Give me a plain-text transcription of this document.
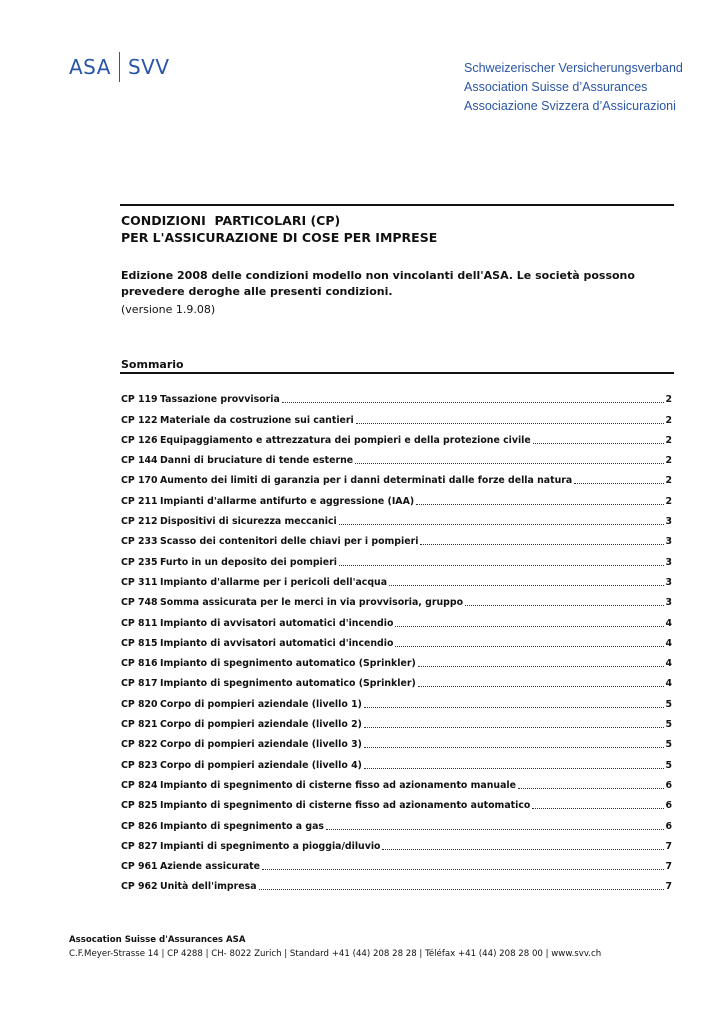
ASA SVV	Schweizerischer Versicherungsverband
Association Suisse d’Assurances
Associazione Svizzera d’Assicurazioni
CONDIZIONI  PARTICOLARI (CP)
PER L'ASSICURAZIONE DI COSE PER IMPRESE
Edizione 2008 delle condizioni modello non vincolanti dell'ASA. Le società possono prevedere deroghe alle presenti condizioni.
(versione 1.9.08)
Sommario
CP 119 Tassazione provvisoria	2
CP 122 Materiale da costruzione sui cantieri	2
CP 126 Equipaggiamento e attrezzatura dei pompieri e della protezione civile	2
CP 144 Danni di bruciature di tende esterne	2
CP 170 Aumento dei limiti di garanzia per i danni determinati dalle forze della natura	2
CP 211 Impianti d'allarme antifurto e aggressione (IAA)	2
CP 212 Dispositivi di sicurezza meccanici	3
CP 233 Scasso dei contenitori delle chiavi per i pompieri	3
CP 235 Furto in un deposito dei pompieri	3
CP 311 Impianto d'allarme per i pericoli dell'acqua	3
CP 748 Somma assicurata per le merci in via provvisoria, gruppo	3
CP 811 Impianto di avvisatori automatici d'incendio	4
CP 815 Impianto di avvisatori automatici d'incendio	4
CP 816 Impianto di spegnimento automatico (Sprinkler)	4
CP 817 Impianto di spegnimento automatico (Sprinkler)	4
CP 820 Corpo di pompieri aziendale (livello 1)	5
CP 821 Corpo di pompieri aziendale (livello 2)	5
CP 822 Corpo di pompieri aziendale (livello 3)	5
CP 823 Corpo di pompieri aziendale (livello 4)	5
CP 824 Impianto di spegnimento di cisterne fisso ad azionamento manuale	6
CP 825 Impianto di spegnimento di cisterne fisso ad azionamento automatico	6
CP 826 Impianto di spegnimento a gas	6
CP 827 Impianti di spegnimento a pioggia/diluvio	7
CP 961 Aziende assicurate	7
CP 962 Unità dell'impresa	7
Assocation Suisse d'Assurances ASA
C.F.Meyer-Strasse 14 | CP 4288 | CH- 8022 Zurich | Standard +41 (44) 208 28 28 | Téléfax +41 (44) 208 28 00 | www.svv.ch
